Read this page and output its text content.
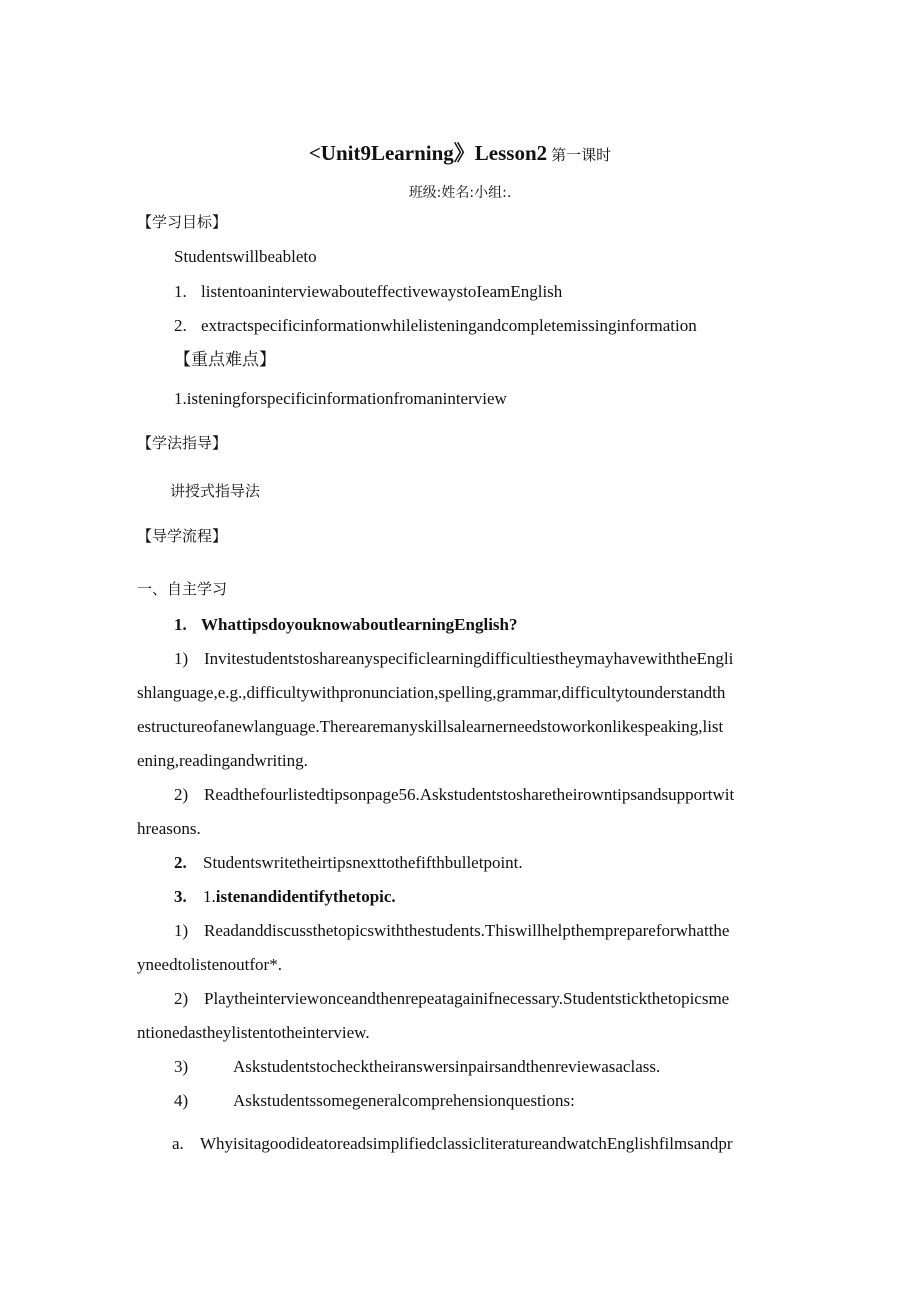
<Unit9Learning》Lesson2 第一课时
班级:姓名:小组:.
【学习目标】
Studentswillbeableto
1. listentoaninterviewabouteffectivewaystoIeamEnglish
2. extractspecificinformationwhilelisteningandcompletemissinginformation
【重点难点】
1.isteningforspecificinformationfromaninterview
【学法指导】
讲授式指导法
【导学流程】
一、自主学习
1. WhattipsdoyouknowaboutlearningEnglish?
1) InvitestudentstoshareanyspecificlearningdifficultiestheymayhavewiththeEngli
shlanguage,e.g.,difficultywithpronunciation,spelling,grammar,difficultytounderstandth
estructureofanewlanguage.Therearemanyskillsalearnerneedstoworkonlikespeaking,list
ening,readingandwriting.
2) Readthefourlistedtipsonpage56.Askstudentstosharetheirowntipsandsupportwit
hreasons.
2. Studentswritetheirtipsnexttothefifthbulletpoint.
3. 1.istenandidentifythetopic.
1) Readanddiscussthetopicswiththestudents.Thiswillhelpthemprepareforwhatthe
yneedtolistenoutfor*.
2) Playtheinterviewonceandthenrepeatagainifnecessary.Studentstickthetopicsme
ntionedastheylistentotheinterview.
3)	Askstudentstochecktheiranswersinpairsandthenreviewasaclass.
4)	Askstudentssomegeneralcomprehensionquestions:
a. WhyisitagoodideatoreadsimplifiedclassicliteratureandwatchEnglishfilmsandpr
